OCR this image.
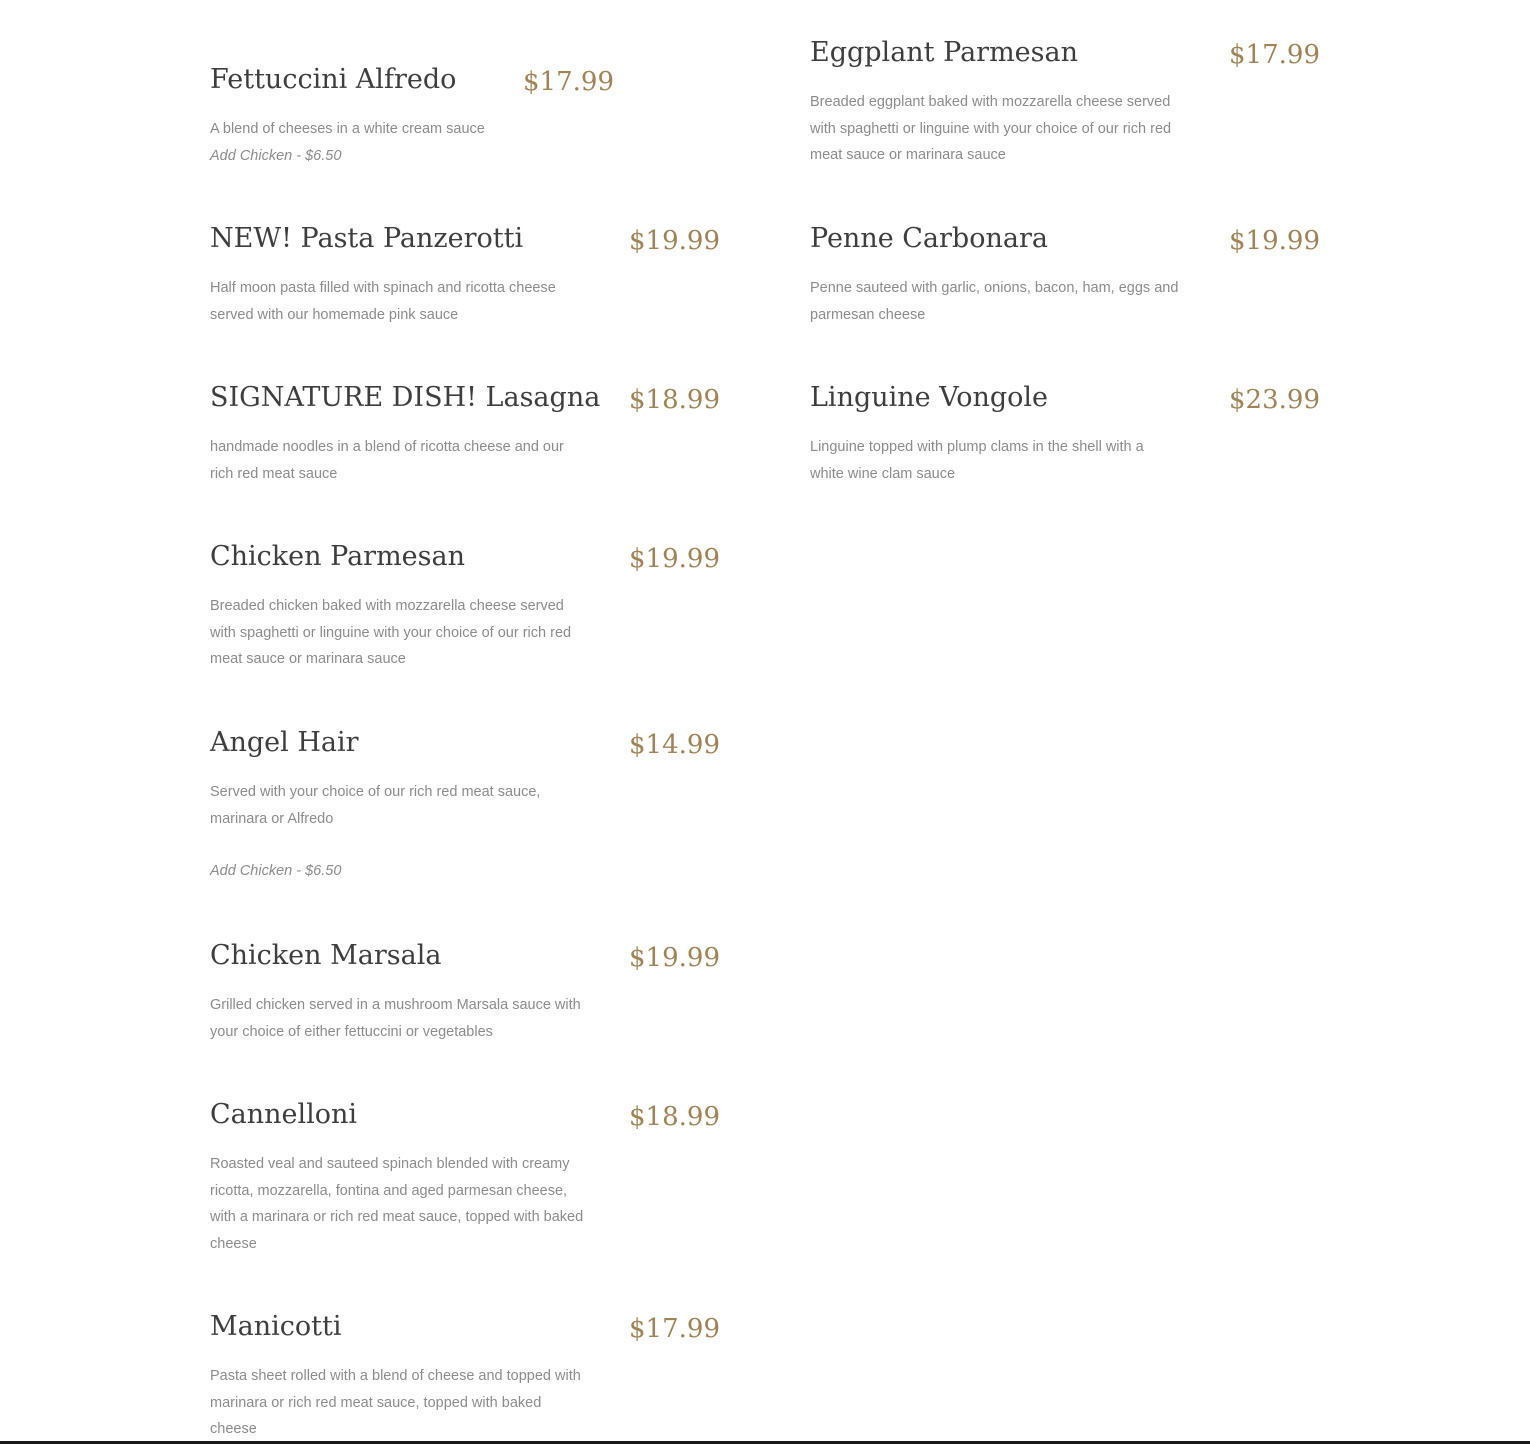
Fettuccini Alfredo	$17.99
A blend of cheeses in a white cream sauce
Add Chicken - $6.50
NEW! Pasta Panzerotti	$19.99
Half moon pasta filled with spinach and ricotta cheese served with our homemade pink sauce
SIGNATURE DISH! Lasagna $18.99
handmade noodles in a blend of ricotta cheese and our rich red meat sauce
Chicken Parmesan	$19.99
Breaded chicken baked with mozzarella cheese served with spaghetti or linguine with your choice of our rich red meat sauce or marinara sauce
Angel Hair	$14.99
Served with your choice of our rich red meat sauce, marinara or Alfredo
Add Chicken - $6.50
Chicken Marsala	$19.99
Grilled chicken served in a mushroom Marsala sauce with your choice of either fettuccini or vegetables
Cannelloni	$18.99
Roasted veal and sauteed spinach blended with creamy ricotta, mozzarella, fontina and aged parmesan cheese, with a marinara or rich red meat sauce, topped with baked cheese
Manicotti	$17.99
Pasta sheet rolled with a blend of cheese and topped with marinara or rich red meat sauce, topped with baked cheese
Eggplant Parmesan	$17.99
Breaded eggplant baked with mozzarella cheese served with spaghetti or linguine with your choice of our rich red meat sauce or marinara sauce
Penne Carbonara	$19.99
Penne sauteed with garlic, onions, bacon, ham, eggs and parmesan cheese
Linguine Vongole	$23.99
Linguine topped with plump clams in the shell with a white wine clam sauce
